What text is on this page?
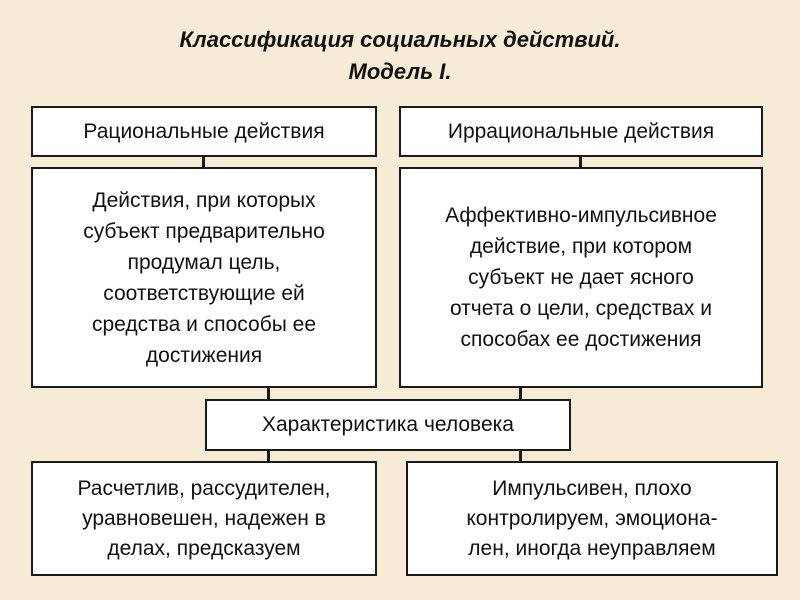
Классификация социальных действий.
Модель I.
Рациональные действия
Действия, при которых
субъект предварительно
продумал цель,
соответствующие ей
средства и способы ее
достижения
Иррациональные действия
Аффективно-импульсивное
действие, при котором
субъект не дает ясного
отчета о цели, средствах и
способах ее достижения
Характеристика человека
Расчетлив, рассудителен,
уравновешен, надежен в
делах, предсказуем
Импульсивен, плохо
контролируем, эмоциона-
лен, иногда неуправляем
